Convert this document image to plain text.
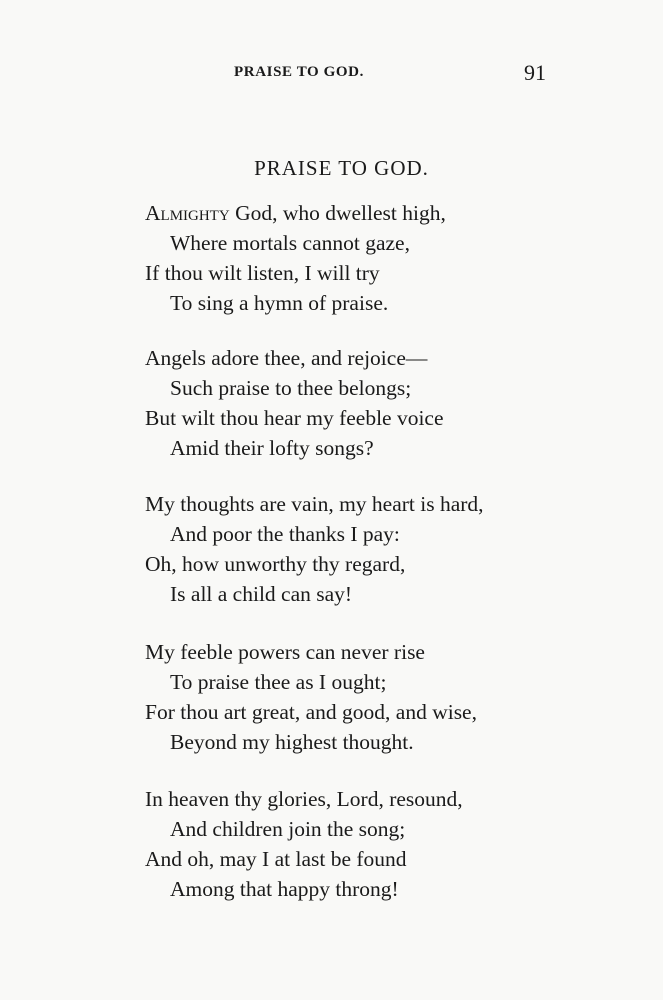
PRAISE TO GOD.	91
PRAISE TO GOD.
Almighty God, who dwellest high,
Where mortals cannot gaze,
If thou wilt listen, I will try
To sing a hymn of praise.
Angels adore thee, and rejoice—
Such praise to thee belongs;
But wilt thou hear my feeble voice
Amid their lofty songs?
My thoughts are vain, my heart is hard,
And poor the thanks I pay:
Oh, how unworthy thy regard,
Is all a child can say!
My feeble powers can never rise
To praise thee as I ought;
For thou art great, and good, and wise,
Beyond my highest thought.
In heaven thy glories, Lord, resound,
And children join the song;
And oh, may I at last be found
Among that happy throng!
